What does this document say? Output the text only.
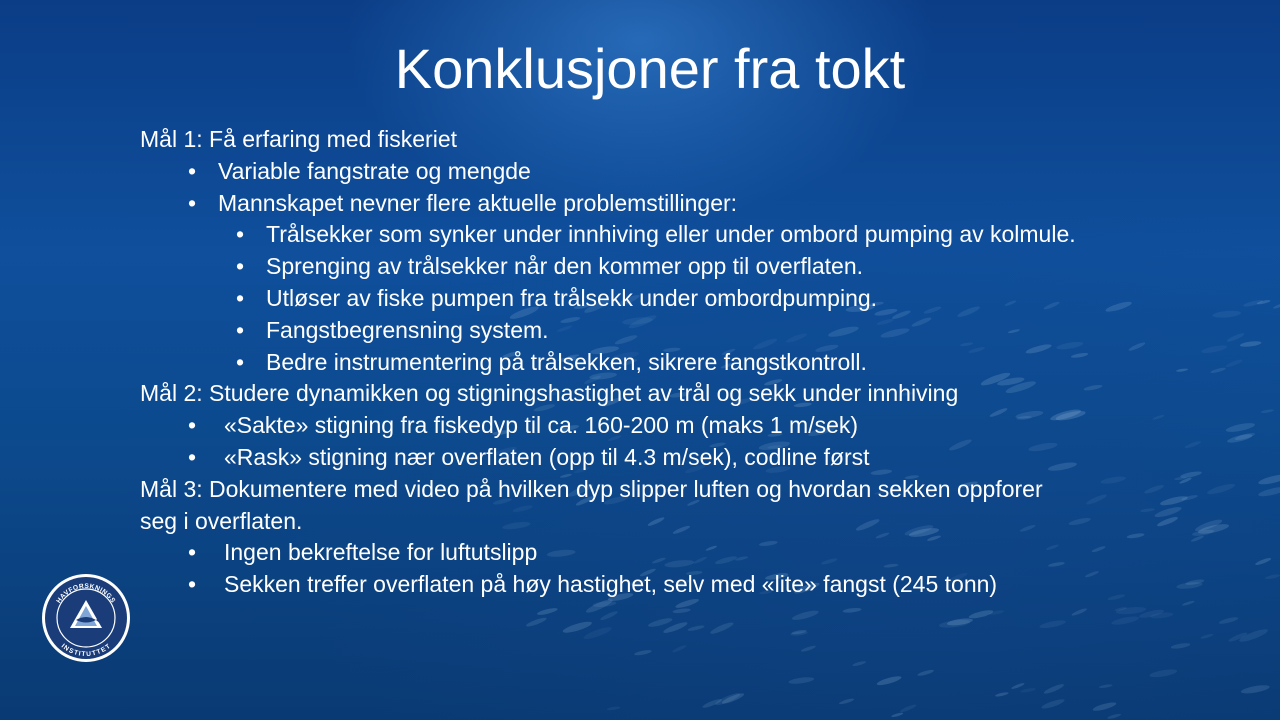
Konklusjoner fra tokt

Mål 1: Få erfaring med fiskeriet

• Variable fangstrate og mengde
• Mannskapet nevner flere aktuelle problemstillinger:
• Trålsekker som synker under innhiving eller under ombord pumping av kolmule.
• Sprenging av trålsekker når den kommer opp til overflaten.
• Utløser av fiske pumpen fra trålsekk under ombordpumping.
• Fangstbegrensning system.
• Bedre instrumentering på trålsekken, sikrere fangstkontroll.

Mål 2: Studere dynamikken og stigningshastighet av trål og sekk under innhiving

• «Sakte» stigning fra fiskedyp til ca. 160-200 m (maks 1 m/sek)
• «Rask» stigning nær overflaten (opp til 4.3 m/sek), codline først

Mål 3: Dokumentere med video på hvilken dyp slipper luften og hvordan sekken oppforer
seg i overflaten.

• Ingen bekreftelse for luftutslipp
• Sekken treffer overflaten på høy hastighet, selv med «lite» fangst (245 tonn)
HAVFORSKNINGS
INSTITUTTET
